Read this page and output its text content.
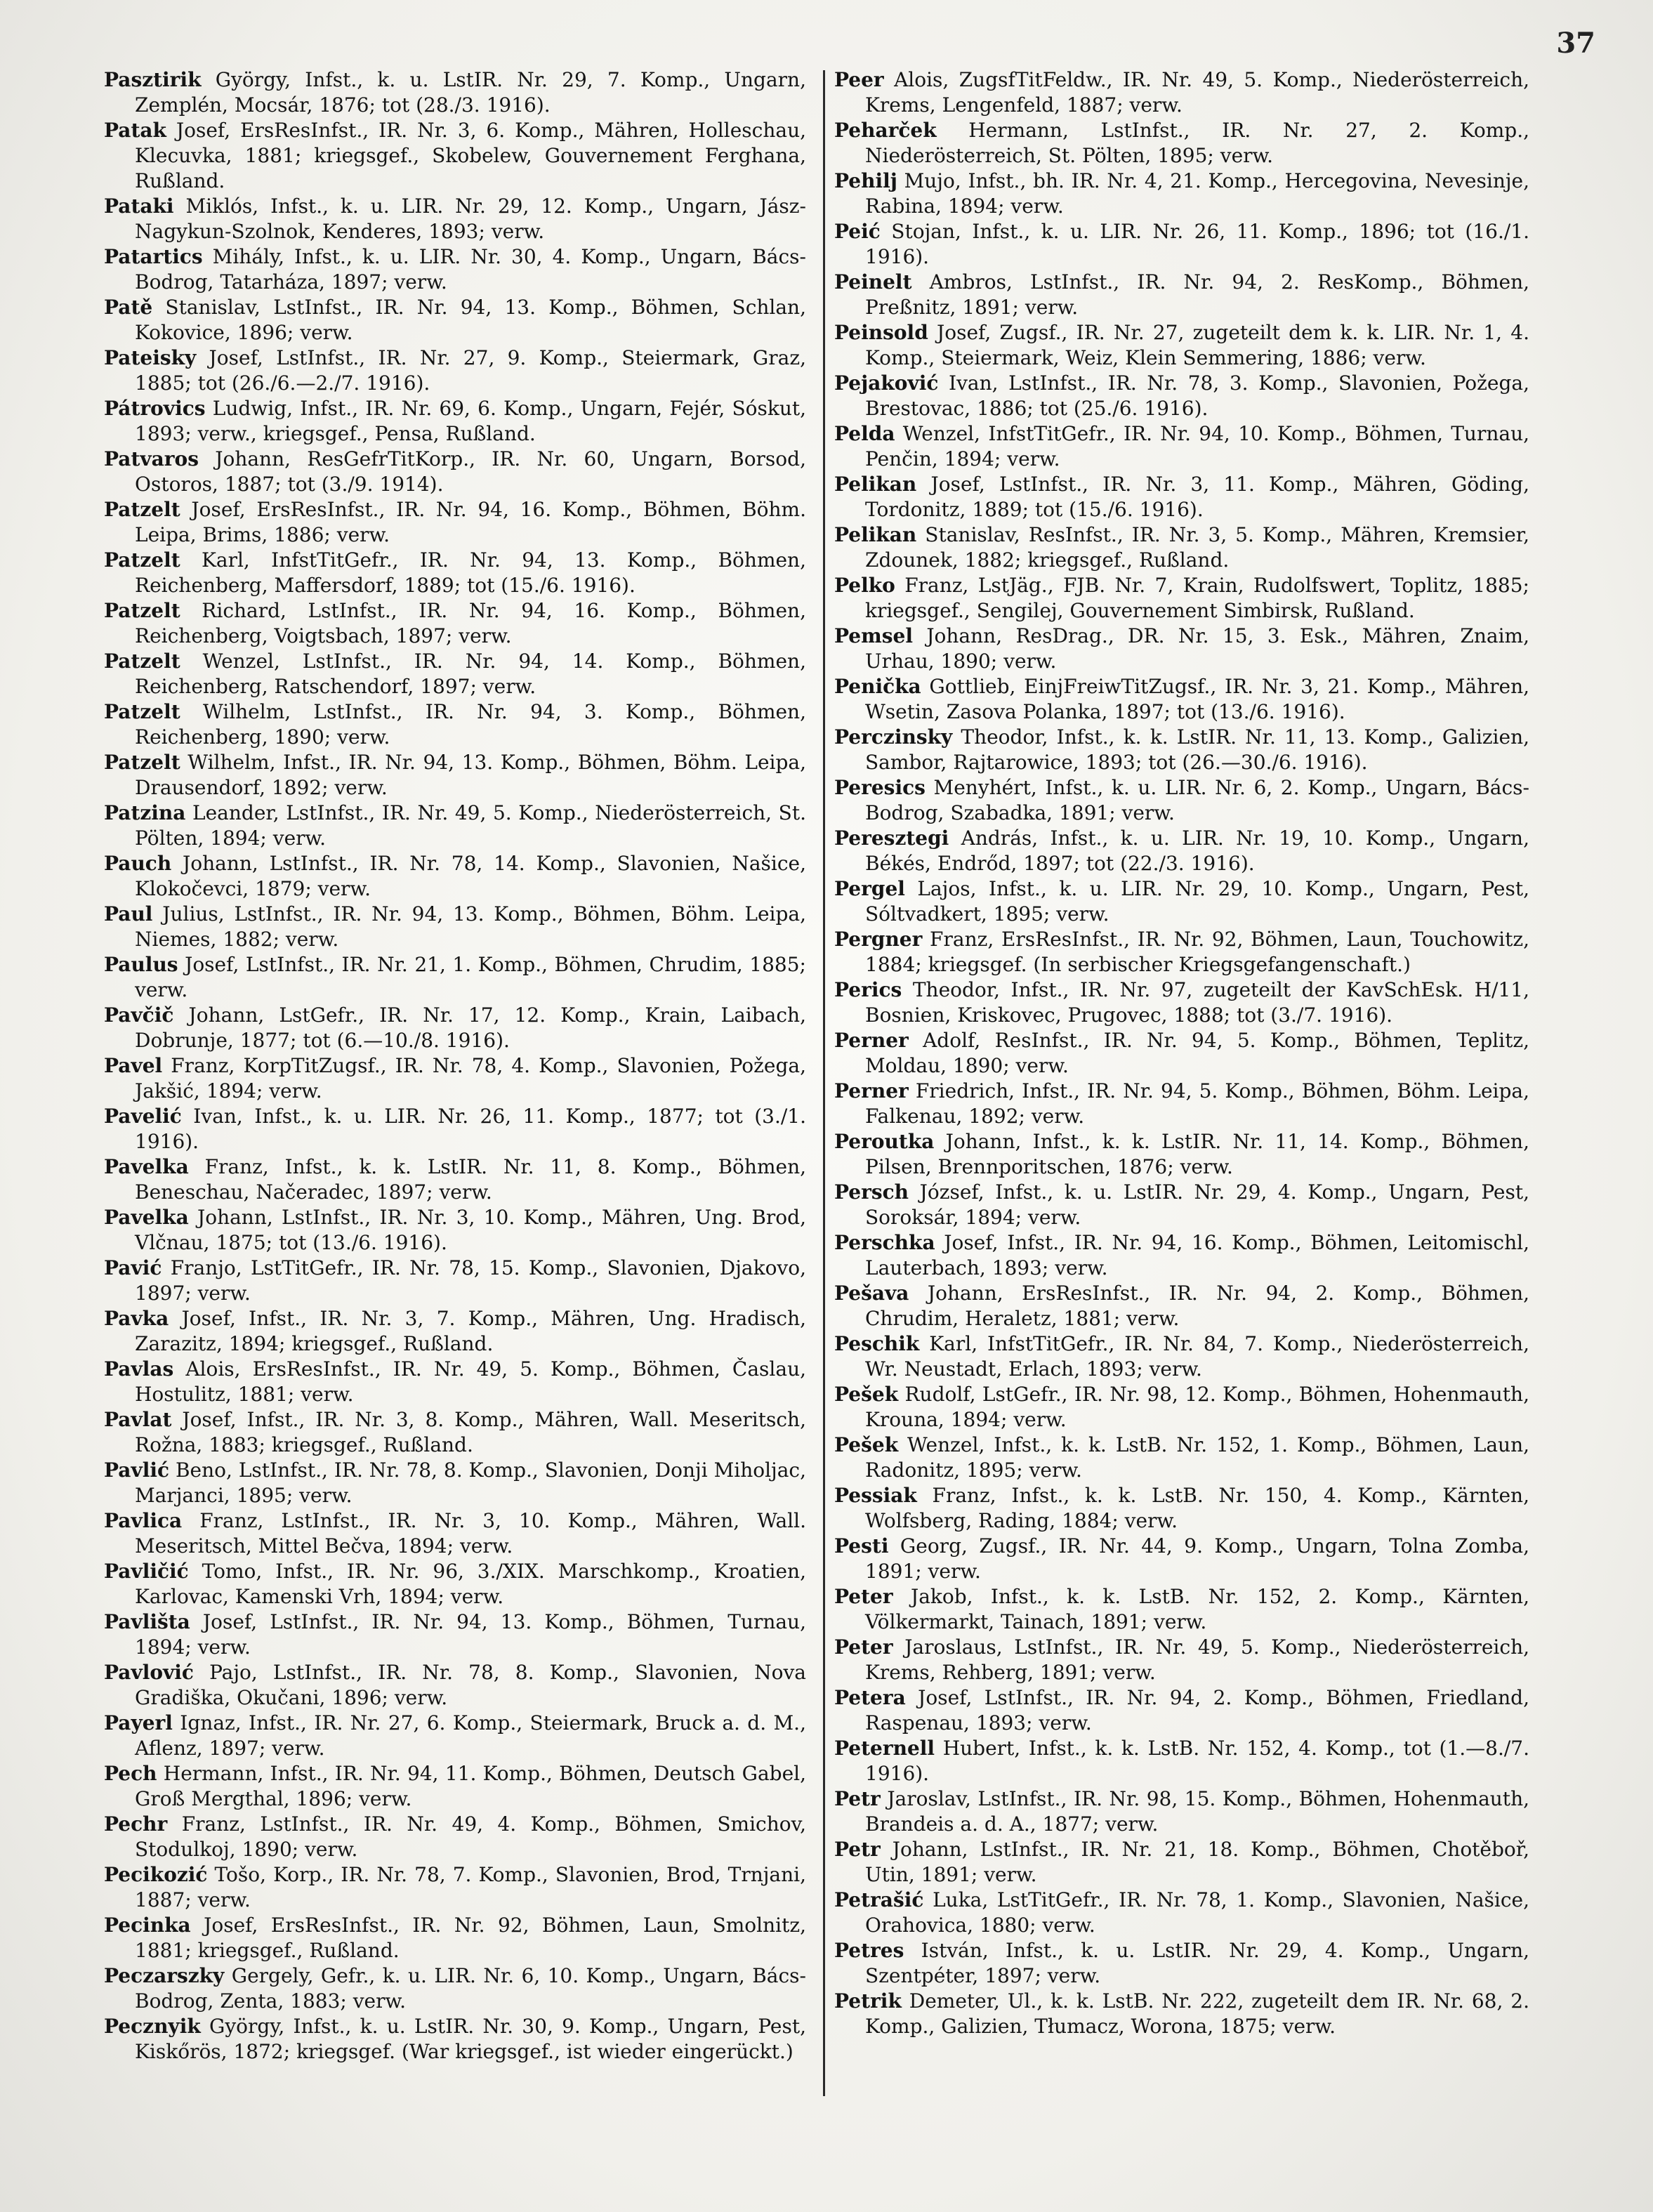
37
Pasztirik György, Infst., k. u. LstIR. Nr. 29, 7. Komp., Ungarn, Zemplén, Mocsár, 1876; tot (28./3. 1916).
Patak Josef, ErsResInfst., IR. Nr. 3, 6. Komp., Mähren, Holleschau, Klecuvka, 1881; kriegsgef., Skobelew, Gouvernement Ferghana, Rußland.
Pataki Miklós, Infst., k. u. LIR. Nr. 29, 12. Komp., Ungarn, Jász-Nagykun-Szolnok, Kenderes, 1893; verw.
Patartics Mihály, Infst., k. u. LIR. Nr. 30, 4. Komp., Ungarn, Bács-Bodrog, Tatarháza, 1897; verw.
Patě Stanislav, LstInfst., IR. Nr. 94, 13. Komp., Böhmen, Schlan, Kokovice, 1896; verw.
Pateisky Josef, LstInfst., IR. Nr. 27, 9. Komp., Steiermark, Graz, 1885; tot (26./6.—2./7. 1916).
Pátrovics Ludwig, Infst., IR. Nr. 69, 6. Komp., Ungarn, Fejér, Sóskut, 1893; verw., kriegsgef., Pensa, Rußland.
Patvaros Johann, ResGefrTitKorp., IR. Nr. 60, Ungarn, Borsod, Ostoros, 1887; tot (3./9. 1914).
Patzelt Josef, ErsResInfst., IR. Nr. 94, 16. Komp., Böhmen, Böhm. Leipa, Brims, 1886; verw.
Patzelt Karl, InfstTitGefr., IR. Nr. 94, 13. Komp., Böhmen, Reichenberg, Maffersdorf, 1889; tot (15./6. 1916).
Patzelt Richard, LstInfst., IR. Nr. 94, 16. Komp., Böhmen, Reichenberg, Voigtsbach, 1897; verw.
Patzelt Wenzel, LstInfst., IR. Nr. 94, 14. Komp., Böhmen, Reichenberg, Ratschendorf, 1897; verw.
Patzelt Wilhelm, LstInfst., IR. Nr. 94, 3. Komp., Böhmen, Reichenberg, 1890; verw.
Patzelt Wilhelm, Infst., IR. Nr. 94, 13. Komp., Böhmen, Böhm. Leipa, Drausendorf, 1892; verw.
Patzina Leander, LstInfst., IR. Nr. 49, 5. Komp., Niederösterreich, St. Pölten, 1894; verw.
Pauch Johann, LstInfst., IR. Nr. 78, 14. Komp., Slavonien, Našice, Klokočevci, 1879; verw.
Paul Julius, LstInfst., IR. Nr. 94, 13. Komp., Böhmen, Böhm. Leipa, Niemes, 1882; verw.
Paulus Josef, LstInfst., IR. Nr. 21, 1. Komp., Böhmen, Chrudim, 1885; verw.
Pavčič Johann, LstGefr., IR. Nr. 17, 12. Komp., Krain, Laibach, Dobrunje, 1877; tot (6.—10./8. 1916).
Pavel Franz, KorpTitZugsf., IR. Nr. 78, 4. Komp., Slavonien, Požega, Jakšić, 1894; verw.
Pavelić Ivan, Infst., k. u. LIR. Nr. 26, 11. Komp., 1877; tot (3./1. 1916).
Pavelka Franz, Infst., k. k. LstIR. Nr. 11, 8. Komp., Böhmen, Beneschau, Načeradec, 1897; verw.
Pavelka Johann, LstInfst., IR. Nr. 3, 10. Komp., Mähren, Ung. Brod, Vlčnau, 1875; tot (13./6. 1916).
Pavić Franjo, LstTitGefr., IR. Nr. 78, 15. Komp., Slavonien, Djakovo, 1897; verw.
Pavka Josef, Infst., IR. Nr. 3, 7. Komp., Mähren, Ung. Hradisch, Zarazitz, 1894; kriegsgef., Rußland.
Pavlas Alois, ErsResInfst., IR. Nr. 49, 5. Komp., Böhmen, Časlau, Hostulitz, 1881; verw.
Pavlat Josef, Infst., IR. Nr. 3, 8. Komp., Mähren, Wall. Meseritsch, Rožna, 1883; kriegsgef., Rußland.
Pavlić Beno, LstInfst., IR. Nr. 78, 8. Komp., Slavonien, Donji Miholjac, Marjanci, 1895; verw.
Pavlica Franz, LstInfst., IR. Nr. 3, 10. Komp., Mähren, Wall. Meseritsch, Mittel Bečva, 1894; verw.
Pavličić Tomo, Infst., IR. Nr. 96, 3./XIX. Marschkomp., Kroatien, Karlovac, Kamenski Vrh, 1894; verw.
Pavlišta Josef, LstInfst., IR. Nr. 94, 13. Komp., Böhmen, Turnau, 1894; verw.
Pavlović Pajo, LstInfst., IR. Nr. 78, 8. Komp., Slavonien, Nova Gradiška, Okučani, 1896; verw.
Payerl Ignaz, Infst., IR. Nr. 27, 6. Komp., Steiermark, Bruck a. d. M., Aflenz, 1897; verw.
Pech Hermann, Infst., IR. Nr. 94, 11. Komp., Böhmen, Deutsch Gabel, Groß Mergthal, 1896; verw.
Pechr Franz, LstInfst., IR. Nr. 49, 4. Komp., Böhmen, Smichov, Stodulkoj, 1890; verw.
Pecikozić Tošo, Korp., IR. Nr. 78, 7. Komp., Slavonien, Brod, Trnjani, 1887; verw.
Pecinka Josef, ErsResInfst., IR. Nr. 92, Böhmen, Laun, Smolnitz, 1881; kriegsgef., Rußland.
Peczarszky Gergely, Gefr., k. u. LIR. Nr. 6, 10. Komp., Ungarn, Bács-Bodrog, Zenta, 1883; verw.
Pecznyik György, Infst., k. u. LstIR. Nr. 30, 9. Komp., Ungarn, Pest, Kiskőrös, 1872; kriegsgef. (War kriegsgef., ist wieder eingerückt.)
Peer Alois, ZugsfTitFeldw., IR. Nr. 49, 5. Komp., Niederösterreich, Krems, Lengenfeld, 1887; verw.
Peharček Hermann, LstInfst., IR. Nr. 27, 2. Komp., Niederösterreich, St. Pölten, 1895; verw.
Pehilj Mujo, Infst., bh. IR. Nr. 4, 21. Komp., Hercegovina, Nevesinje, Rabina, 1894; verw.
Peić Stojan, Infst., k. u. LIR. Nr. 26, 11. Komp., 1896; tot (16./1. 1916).
Peinelt Ambros, LstInfst., IR. Nr. 94, 2. ResKomp., Böhmen, Preßnitz, 1891; verw.
Peinsold Josef, Zugsf., IR. Nr. 27, zugeteilt dem k. k. LIR. Nr. 1, 4. Komp., Steiermark, Weiz, Klein Semmering, 1886; verw.
Pejaković Ivan, LstInfst., IR. Nr. 78, 3. Komp., Slavonien, Požega, Brestovac, 1886; tot (25./6. 1916).
Pelda Wenzel, InfstTitGefr., IR. Nr. 94, 10. Komp., Böhmen, Turnau, Penčin, 1894; verw.
Pelikan Josef, LstInfst., IR. Nr. 3, 11. Komp., Mähren, Göding, Tordonitz, 1889; tot (15./6. 1916).
Pelikan Stanislav, ResInfst., IR. Nr. 3, 5. Komp., Mähren, Kremsier, Zdounek, 1882; kriegsgef., Rußland.
Pelko Franz, LstJäg., FJB. Nr. 7, Krain, Rudolfswert, Toplitz, 1885; kriegsgef., Sengilej, Gouvernement Simbirsk, Rußland.
Pemsel Johann, ResDrag., DR. Nr. 15, 3. Esk., Mähren, Znaim, Urhau, 1890; verw.
Penička Gottlieb, EinjFreiwTitZugsf., IR. Nr. 3, 21. Komp., Mähren, Wsetin, Zasova Polanka, 1897; tot (13./6. 1916).
Perczinsky Theodor, Infst., k. k. LstIR. Nr. 11, 13. Komp., Galizien, Sambor, Rajtarowice, 1893; tot (26.—30./6. 1916).
Peresics Menyhért, Infst., k. u. LIR. Nr. 6, 2. Komp., Ungarn, Bács-Bodrog, Szabadka, 1891; verw.
Peresztegi András, Infst., k. u. LIR. Nr. 19, 10. Komp., Ungarn, Békés, Endrőd, 1897; tot (22./3. 1916).
Pergel Lajos, Infst., k. u. LIR. Nr. 29, 10. Komp., Ungarn, Pest, Sóltvadkert, 1895; verw.
Pergner Franz, ErsResInfst., IR. Nr. 92, Böhmen, Laun, Touchowitz, 1884; kriegsgef. (In serbischer Kriegsgefangenschaft.)
Perics Theodor, Infst., IR. Nr. 97, zugeteilt der KavSchEsk. H/11, Bosnien, Kriskovec, Prugovec, 1888; tot (3./7. 1916).
Perner Adolf, ResInfst., IR. Nr. 94, 5. Komp., Böhmen, Teplitz, Moldau, 1890; verw.
Perner Friedrich, Infst., IR. Nr. 94, 5. Komp., Böhmen, Böhm. Leipa, Falkenau, 1892; verw.
Peroutka Johann, Infst., k. k. LstIR. Nr. 11, 14. Komp., Böhmen, Pilsen, Brennporitschen, 1876; verw.
Persch József, Infst., k. u. LstIR. Nr. 29, 4. Komp., Ungarn, Pest, Soroksár, 1894; verw.
Perschka Josef, Infst., IR. Nr. 94, 16. Komp., Böhmen, Leitomischl, Lauterbach, 1893; verw.
Pešava Johann, ErsResInfst., IR. Nr. 94, 2. Komp., Böhmen, Chrudim, Heraletz, 1881; verw.
Peschik Karl, InfstTitGefr., IR. Nr. 84, 7. Komp., Niederösterreich, Wr. Neustadt, Erlach, 1893; verw.
Pešek Rudolf, LstGefr., IR. Nr. 98, 12. Komp., Böhmen, Hohenmauth, Krouna, 1894; verw.
Pešek Wenzel, Infst., k. k. LstB. Nr. 152, 1. Komp., Böhmen, Laun, Radonitz, 1895; verw.
Pessiak Franz, Infst., k. k. LstB. Nr. 150, 4. Komp., Kärnten, Wolfsberg, Rading, 1884; verw.
Pesti Georg, Zugsf., IR. Nr. 44, 9. Komp., Ungarn, Tolna Zomba, 1891; verw.
Peter Jakob, Infst., k. k. LstB. Nr. 152, 2. Komp., Kärnten, Völkermarkt, Tainach, 1891; verw.
Peter Jaroslaus, LstInfst., IR. Nr. 49, 5. Komp., Niederösterreich, Krems, Rehberg, 1891; verw.
Petera Josef, LstInfst., IR. Nr. 94, 2. Komp., Böhmen, Friedland, Raspenau, 1893; verw.
Peternell Hubert, Infst., k. k. LstB. Nr. 152, 4. Komp., tot (1.—8./7. 1916).
Petr Jaroslav, LstInfst., IR. Nr. 98, 15. Komp., Böhmen, Hohenmauth, Brandeis a. d. A., 1877; verw.
Petr Johann, LstInfst., IR. Nr. 21, 18. Komp., Böhmen, Chotěboř, Utin, 1891; verw.
Petrašić Luka, LstTitGefr., IR. Nr. 78, 1. Komp., Slavonien, Našice, Orahovica, 1880; verw.
Petres István, Infst., k. u. LstIR. Nr. 29, 4. Komp., Ungarn, Szentpéter, 1897; verw.
Petrik Demeter, Ul., k. k. LstB. Nr. 222, zugeteilt dem IR. Nr. 68, 2. Komp., Galizien, Tłumacz, Worona, 1875; verw.
